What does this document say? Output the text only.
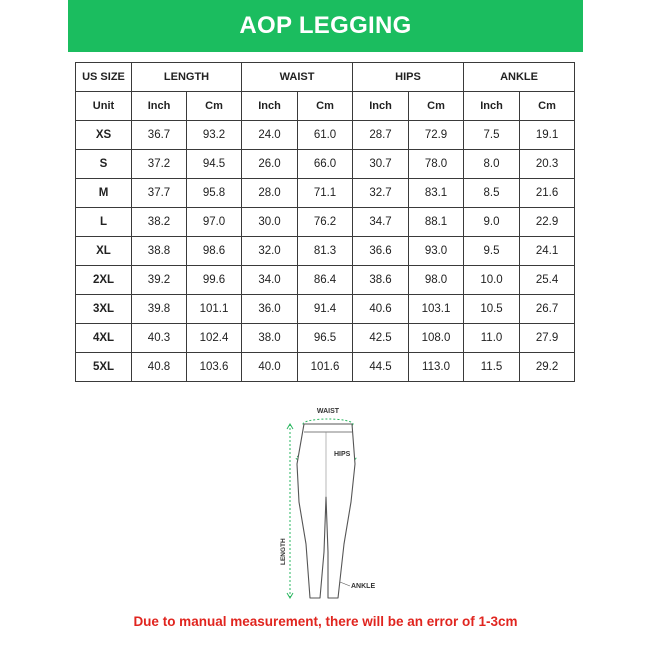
AOP LEGGING
US SIZE	LENGTH		WAIST		HIPS		ANKLE	
Unit	Inch	Cm	Inch	Cm	Inch	Cm	Inch	Cm
XS	36.7	93.2	24.0	61.0	28.7	72.9	7.5	19.1
S	37.2	94.5	26.0	66.0	30.7	78.0	8.0	20.3
M	37.7	95.8	28.0	71.1	32.7	83.1	8.5	21.6
L	38.2	97.0	30.0	76.2	34.7	88.1	9.0	22.9
XL	38.8	98.6	32.0	81.3	36.6	93.0	9.5	24.1
2XL	39.2	99.6	34.0	86.4	38.6	98.0	10.0	25.4
3XL	39.8	101.1	36.0	91.4	40.6	103.1	10.5	26.7
4XL	40.3	102.4	38.0	96.5	42.5	108.0	11.0	27.9
5XL	40.8	103.6	40.0	101.6	44.5	113.0	11.5	29.2
WAIST
HIPS
ANKLE
LENGTH
Due to manual measurement, there will be an error of 1-3cm
